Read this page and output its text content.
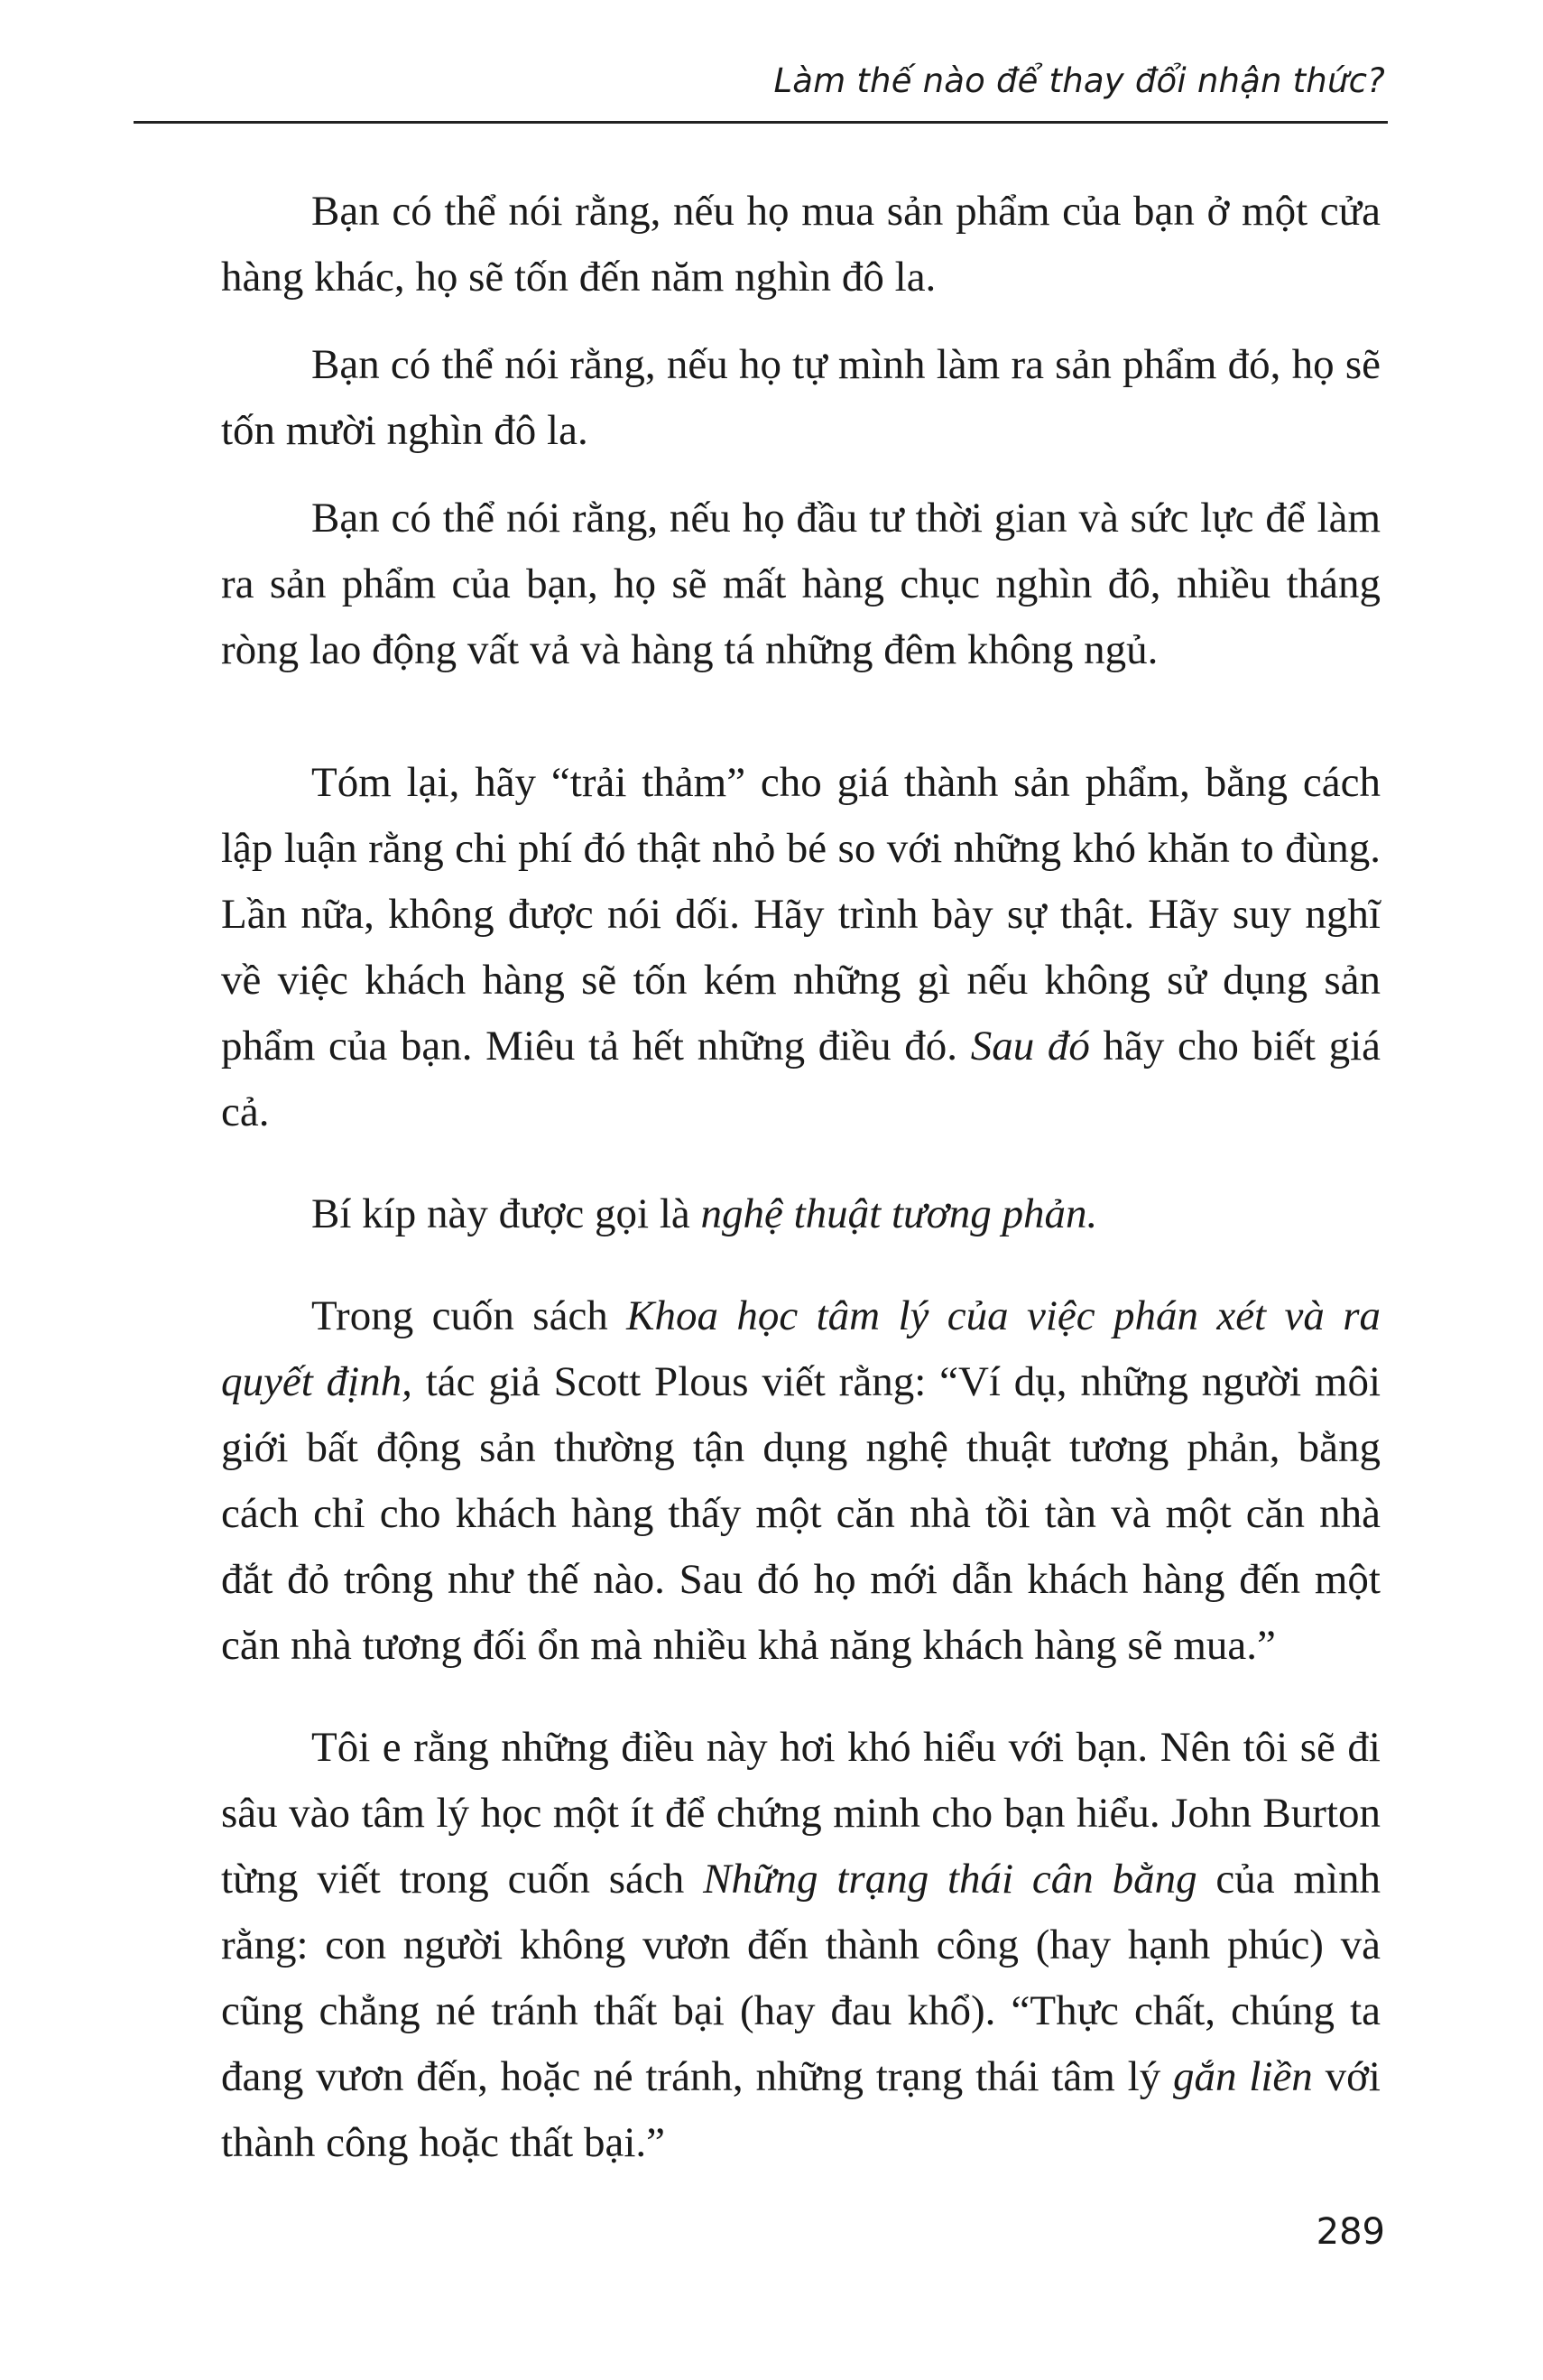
Làm thế nào để thay đổi nhận thức?

Bạn có thể nói rằng, nếu họ mua sản phẩm của bạn ở một cửa hàng khác, họ sẽ tốn đến năm nghìn đô la.

Bạn có thể nói rằng, nếu họ tự mình làm ra sản phẩm đó, họ sẽ tốn mười nghìn đô la.

Bạn có thể nói rằng, nếu họ đầu tư thời gian và sức lực để làm ra sản phẩm của bạn, họ sẽ mất hàng chục nghìn đô, nhiều tháng ròng lao động vất vả và hàng tá những đêm không ngủ.

Tóm lại, hãy “trải thảm” cho giá thành sản phẩm, bằng cách lập luận rằng chi phí đó thật nhỏ bé so với những khó khăn to đùng. Lần nữa, không được nói dối. Hãy trình bày sự thật. Hãy suy nghĩ về việc khách hàng sẽ tốn kém những gì nếu không sử dụng sản phẩm của bạn. Miêu tả hết những điều đó. Sau đó hãy cho biết giá cả.

Bí kíp này được gọi là nghệ thuật tương phản.

Trong cuốn sách Khoa học tâm lý của việc phán xét và ra quyết định, tác giả Scott Plous viết rằng: “Ví dụ, những người môi giới bất động sản thường tận dụng nghệ thuật tương phản, bằng cách chỉ cho khách hàng thấy một căn nhà tồi tàn và một căn nhà đắt đỏ trông như thế nào. Sau đó họ mới dẫn khách hàng đến một căn nhà tương đối ổn mà nhiều khả năng khách hàng sẽ mua.”

Tôi e rằng những điều này hơi khó hiểu với bạn. Nên tôi sẽ đi sâu vào tâm lý học một ít để chứng minh cho bạn hiểu. John Burton từng viết trong cuốn sách Những trạng thái cân bằng của mình rằng: con người không vươn đến thành công (hay hạnh phúc) và cũng chẳng né tránh thất bại (hay đau khổ). “Thực chất, chúng ta đang vươn đến, hoặc né tránh, những trạng thái tâm lý gắn liền với thành công hoặc thất bại.”

289
